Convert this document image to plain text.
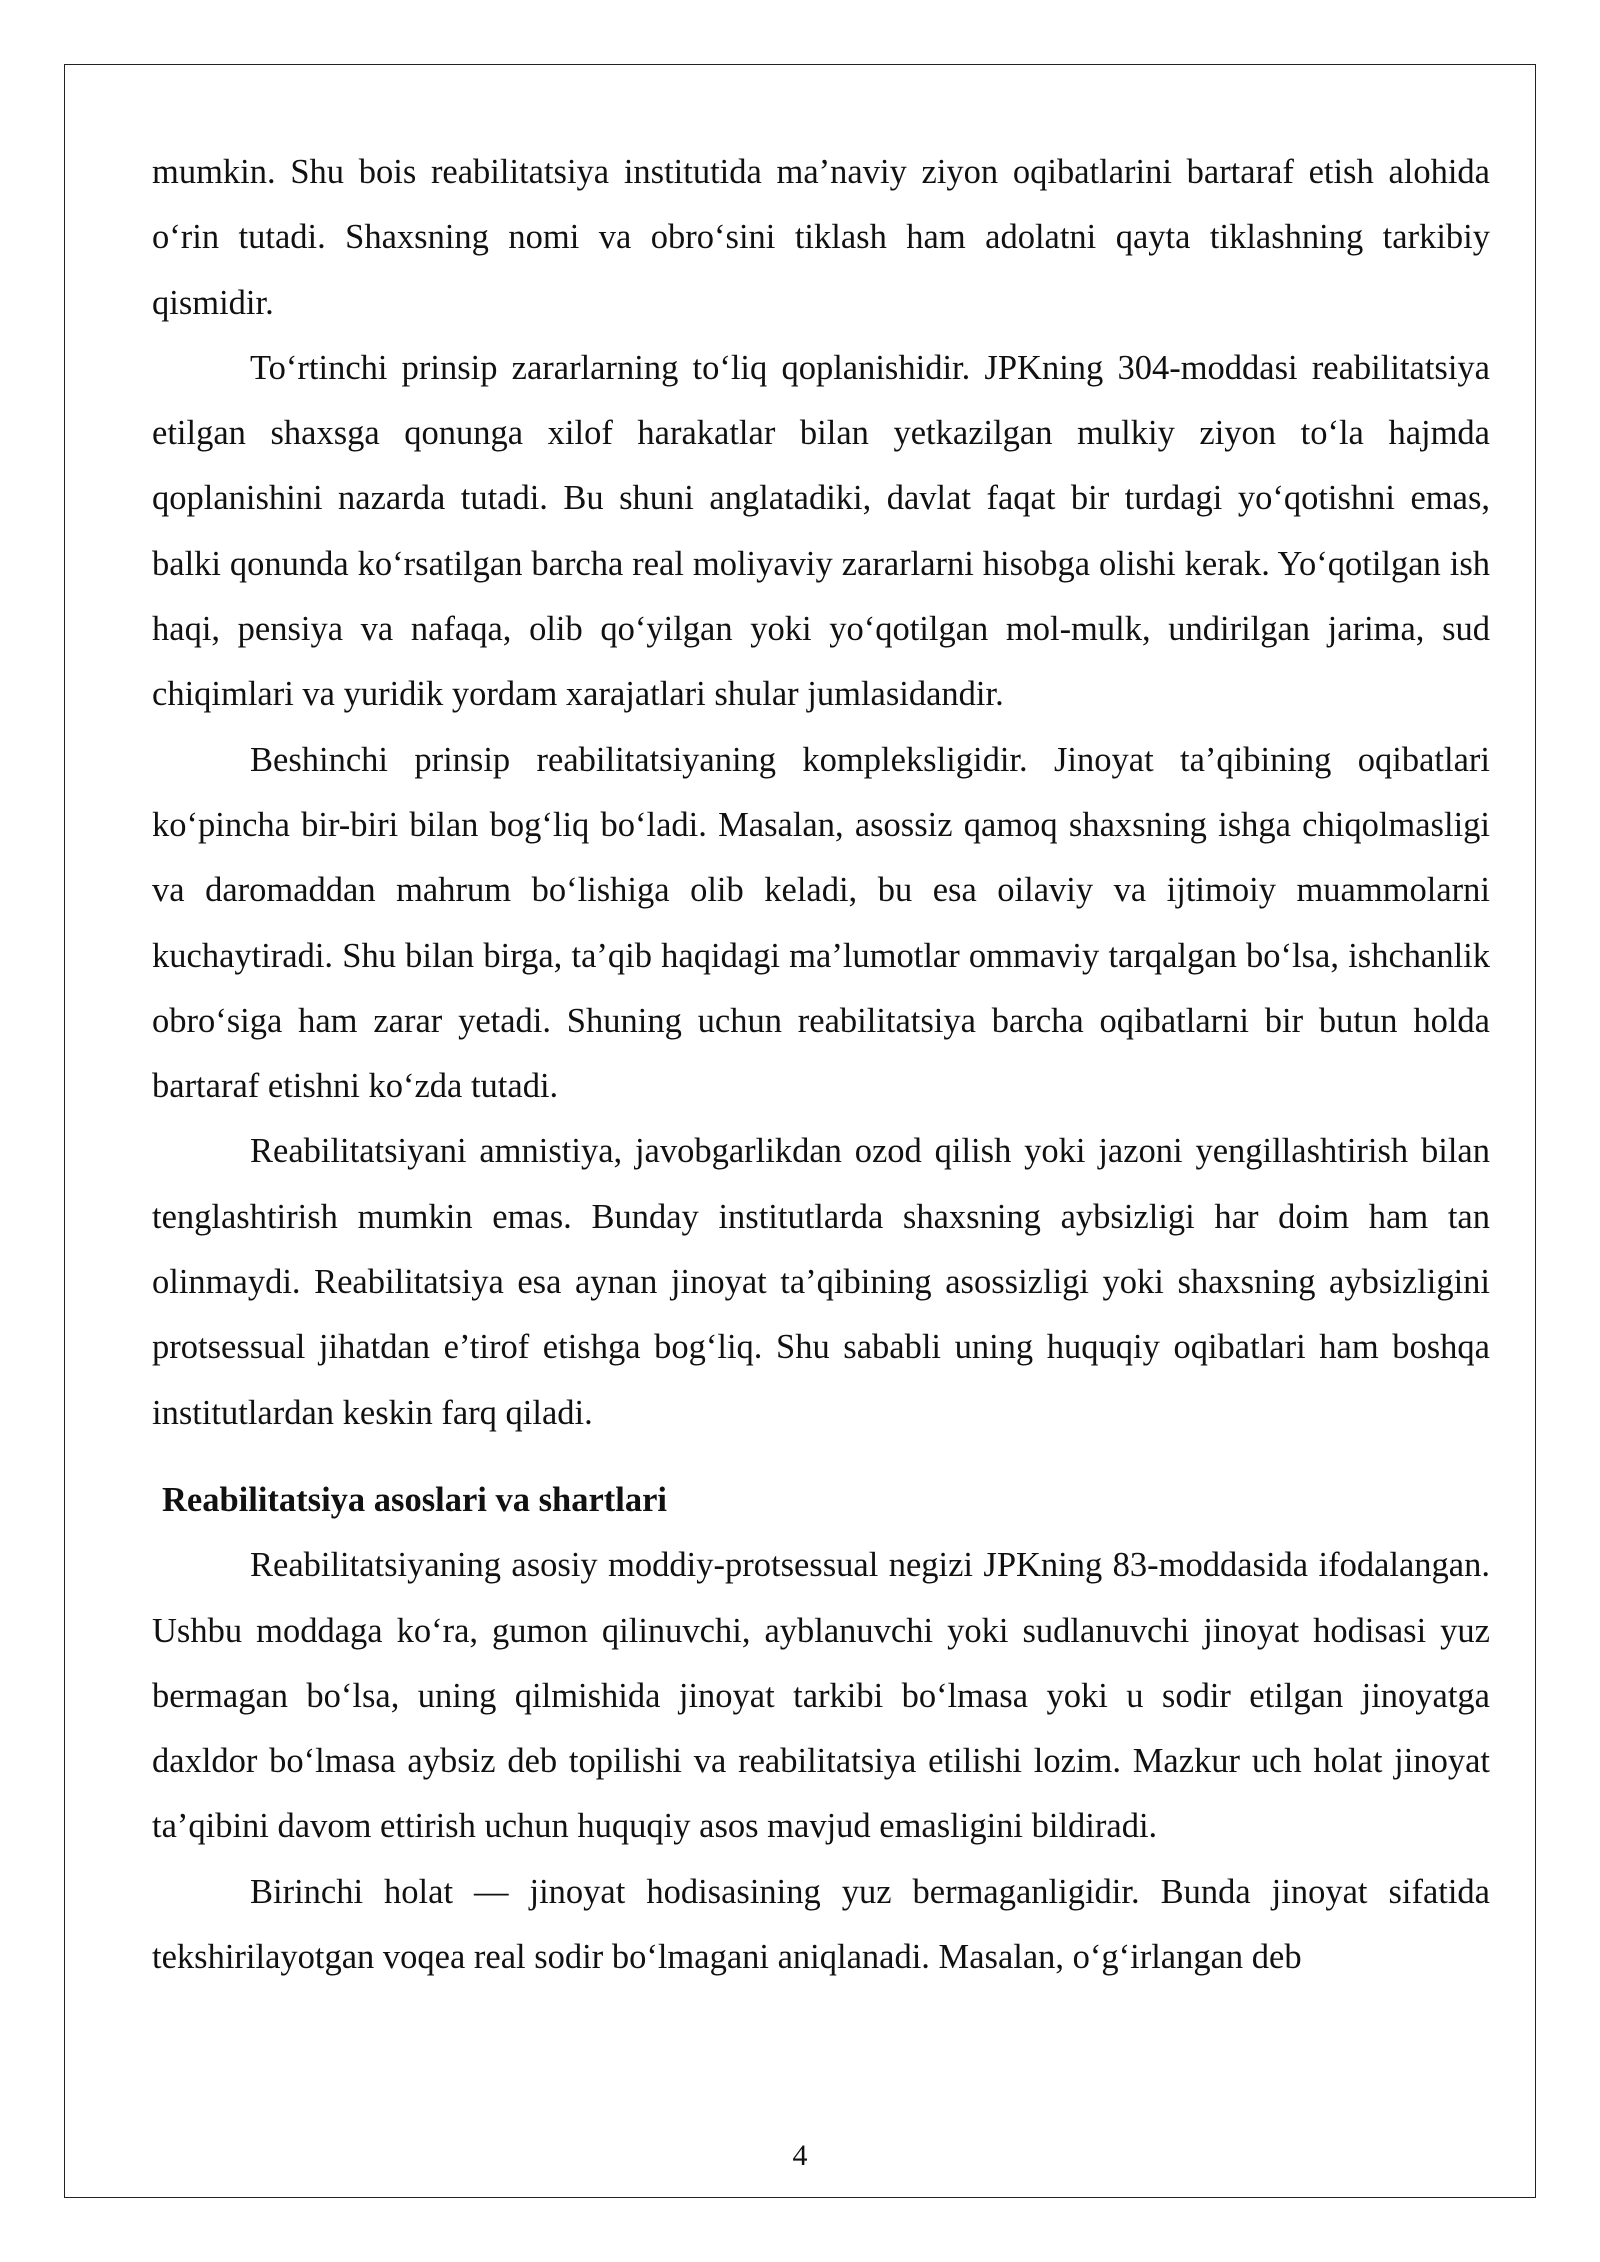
mumkin. Shu bois reabilitatsiya institutida ma’naviy ziyon oqibatlarini bartaraf etish alohida o‘rin tutadi. Shaxsning nomi va obro‘sini tiklash ham adolatni qayta tiklashning tarkibiy qismidir.

To‘rtinchi prinsip zararlarning to‘liq qoplanishidir. JPKning 304-moddasi reabilitatsiya etilgan shaxsga qonunga xilof harakatlar bilan yetkazilgan mulkiy ziyon to‘la hajmda qoplanishini nazarda tutadi. Bu shuni anglatadiki, davlat faqat bir turdagi yo‘qotishni emas, balki qonunda ko‘rsatilgan barcha real moliyaviy zararlarni hisobga olishi kerak. Yo‘qotilgan ish haqi, pensiya va nafaqa, olib qo‘yilgan yoki yo‘qotilgan mol-mulk, undirilgan jarima, sud chiqimlari va yuridik yordam xarajatlari shular jumlasidandir.

Beshinchi prinsip reabilitatsiyaning kompleksligidir. Jinoyat ta’qibining oqibatlari ko‘pincha bir-biri bilan bog‘liq bo‘ladi. Masalan, asossiz qamoq shaxsning ishga chiqolmasligi va daromaddan mahrum bo‘lishiga olib keladi, bu esa oilaviy va ijtimoiy muammolarni kuchaytiradi. Shu bilan birga, ta’qib haqidagi ma’lumotlar ommaviy tarqalgan bo‘lsa, ishchanlik obro‘siga ham zarar yetadi. Shuning uchun reabilitatsiya barcha oqibatlarni bir butun holda bartaraf etishni ko‘zda tutadi.

Reabilitatsiyani amnistiya, javobgarlikdan ozod qilish yoki jazoni yengillashtirish bilan tenglashtirish mumkin emas. Bunday institutlarda shaxsning aybsizligi har doim ham tan olinmaydi. Reabilitatsiya esa aynan jinoyat ta’qibining asossizligi yoki shaxsning aybsizligini protsessual jihatdan e’tirof etishga bog‘liq. Shu sababli uning huquqiy oqibatlari ham boshqa institutlardan keskin farq qiladi.

Reabilitatsiya asoslari va shartlari

Reabilitatsiyaning asosiy moddiy-protsessual negizi JPKning 83-moddasida ifodalangan. Ushbu moddaga ko‘ra, gumon qilinuvchi, ayblanuvchi yoki sudlanuvchi jinoyat hodisasi yuz bermagan bo‘lsa, uning qilmishida jinoyat tarkibi bo‘lmasa yoki u sodir etilgan jinoyatga daxldor bo‘lmasa aybsiz deb topilishi va reabilitatsiya etilishi lozim. Mazkur uch holat jinoyat ta’qibini davom ettirish uchun huquqiy asos mavjud emasligini bildiradi.

Birinchi holat — jinoyat hodisasining yuz bermaganligidir. Bunda jinoyat sifatida tekshirilayotgan voqea real sodir bo‘lmagani aniqlanadi. Masalan, o‘g‘irlangan deb

4
